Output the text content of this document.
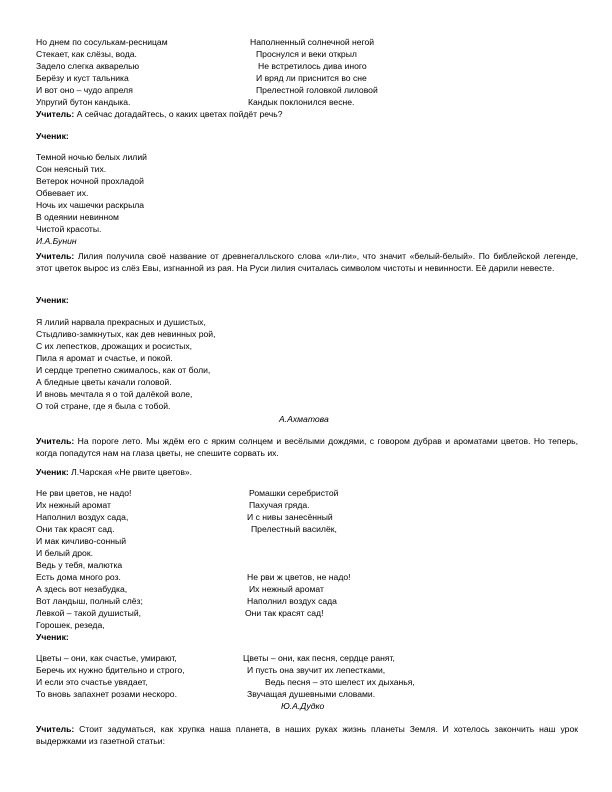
Но днем по сосулькам-ресницам
Стекает, как слёзы, вода.
Задело слегка акварелью
Берёзу и куст тальника
И вот оно – чудо апреля
Упругий бутон кандыка.
Наполненный солнечной негой
Проснулся и веки открыл
Не встретилось дива иного
И вряд ли приснится во сне
Прелестной головкой лиловой
Кандык поклонился весне.
Учитель: А сейчас догадайтесь, о каких цветах пойдёт речь?
Ученик:
Темной ночью белых лилий
Сон неясный тих.
Ветерок ночной прохладой
Обвевает их.
Ночь их чашечки раскрыла
В одеянии невинном
Чистой красоты.
И.А.Бунин
Учитель: Лилия получила своё название от древнегалльского слова «ли-ли», что значит «белый-белый». По библейской легенде, этот цветок вырос из слёз Евы, изгнанной из рая. На Руси лилия считалась символом чистоты и невинности. Её дарили невесте.
Ученик:
Я лилий нарвала прекрасных и душистых,
Стыдливо-замкнутых, как дев невинных рой,
С их лепестков, дрожащих и росистых,
Пила я аромат и счастье, и покой.
И сердце трепетно сжималось, как от боли,
А бледные цветы качали головой.
И вновь мечтала я о той далёкой воле,
О той стране, где я была с тобой.
А.Ахматова
Учитель: На пороге лето. Мы ждём его с ярким солнцем и весёлыми дождями, с говором дубрав и ароматами цветов. Но теперь, когда попадутся нам на глаза цветы, не спешите сорвать их.
Ученик: Л.Чарская «Не рвите цветов».
Не рви цветов, не надо!
Их нежный аромат
Наполнил воздух сада,
Они так красят сад.
И мак кичливо-сонный
И белый дрок.
Ведь у тебя, малютка
Есть дома много роз.
А здесь вот незабудка,
Вот ландыш, полный слёз;
Левкой – такой душистый,
Горошек, резеда,
Ромашки серебристой
Пахучая гряда.
И с нивы занесённый
Прелестный василёк,
Не рви ж цветов, не надо!
Их нежный аромат
Наполнил воздух сада
Они так красят сад!
Ученик:
Цветы – они, как счастье, умирают,
Беречь их нужно бдительно и строго,
И если это счастье увядает,
То вновь запахнет розами нескоро.
Цветы – они, как песня, сердце ранят,
И пусть она звучит их лепестками,
Ведь песня – это шелест их дыханья,
Звучащая душевными словами.
Ю.А.Дудко
Учитель: Стоит задуматься, как хрупка наша планета, в наших руках жизнь планеты Земля. И хотелось закончить наш урок выдержками из газетной статьи:
